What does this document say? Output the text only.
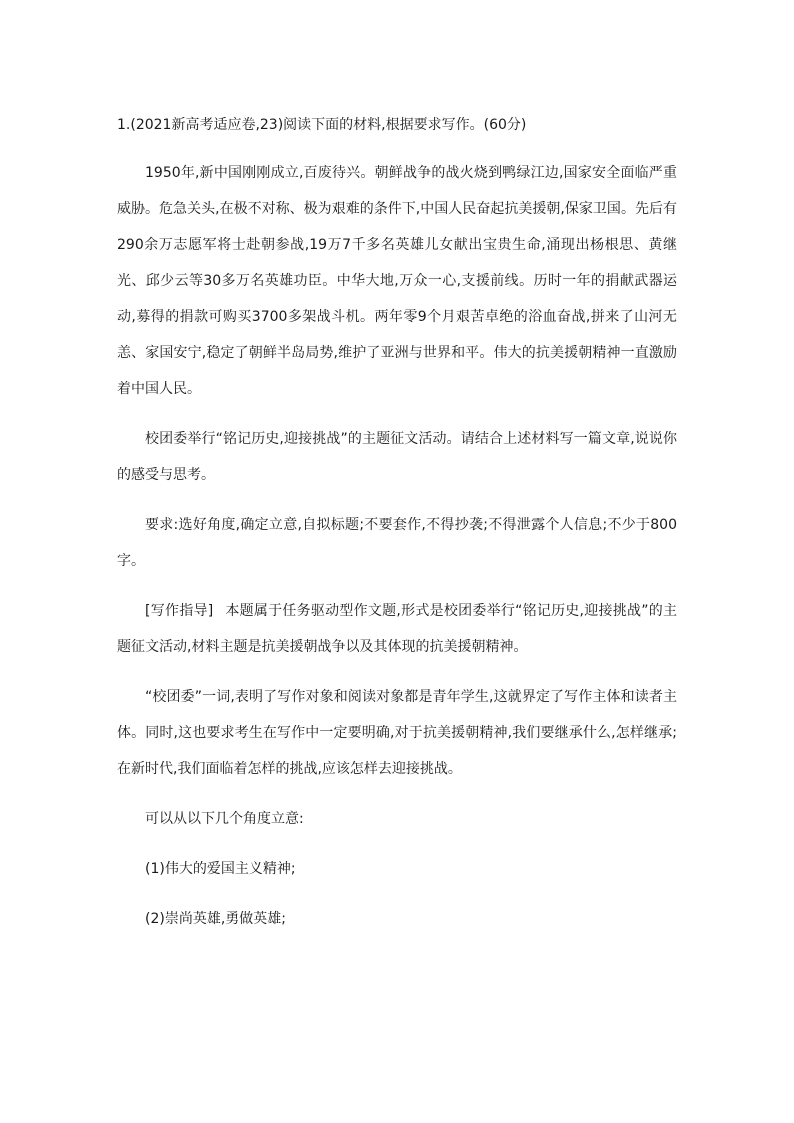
1.(2021新高考适应卷,23)阅读下面的材料,根据要求写作。(60分)

1950年,新中国刚刚成立,百废待兴。朝鲜战争的战火烧到鸭绿江边,国家安全面临严重威胁。危急关头,在极不对称、极为艰难的条件下,中国人民奋起抗美援朝,保家卫国。先后有290余万志愿军将士赴朝参战,19万7千多名英雄儿女献出宝贵生命,涌现出杨根思、黄继光、邱少云等30多万名英雄功臣。中华大地,万众一心,支援前线。历时一年的捐献武器运动,募得的捐款可购买3700多架战斗机。两年零9个月艰苦卓绝的浴血奋战,拼来了山河无恙、家国安宁,稳定了朝鲜半岛局势,维护了亚洲与世界和平。伟大的抗美援朝精神一直激励着中国人民。

校团委举行“铭记历史,迎接挑战”的主题征文活动。请结合上述材料写一篇文章,说说你的感受与思考。

要求:选好角度,确定立意,自拟标题;不要套作,不得抄袭;不得泄露个人信息;不少于800字。

[写作指导] 本题属于任务驱动型作文题,形式是校团委举行“铭记历史,迎接挑战”的主题征文活动,材料主题是抗美援朝战争以及其体现的抗美援朝精神。

“校团委”一词,表明了写作对象和阅读对象都是青年学生,这就界定了写作主体和读者主体。同时,这也要求考生在写作中一定要明确,对于抗美援朝精神,我们要继承什么,怎样继承;在新时代,我们面临着怎样的挑战,应该怎样去迎接挑战。

可以从以下几个角度立意:

(1)伟大的爱国主义精神;

(2)崇尚英雄,勇做英雄;
